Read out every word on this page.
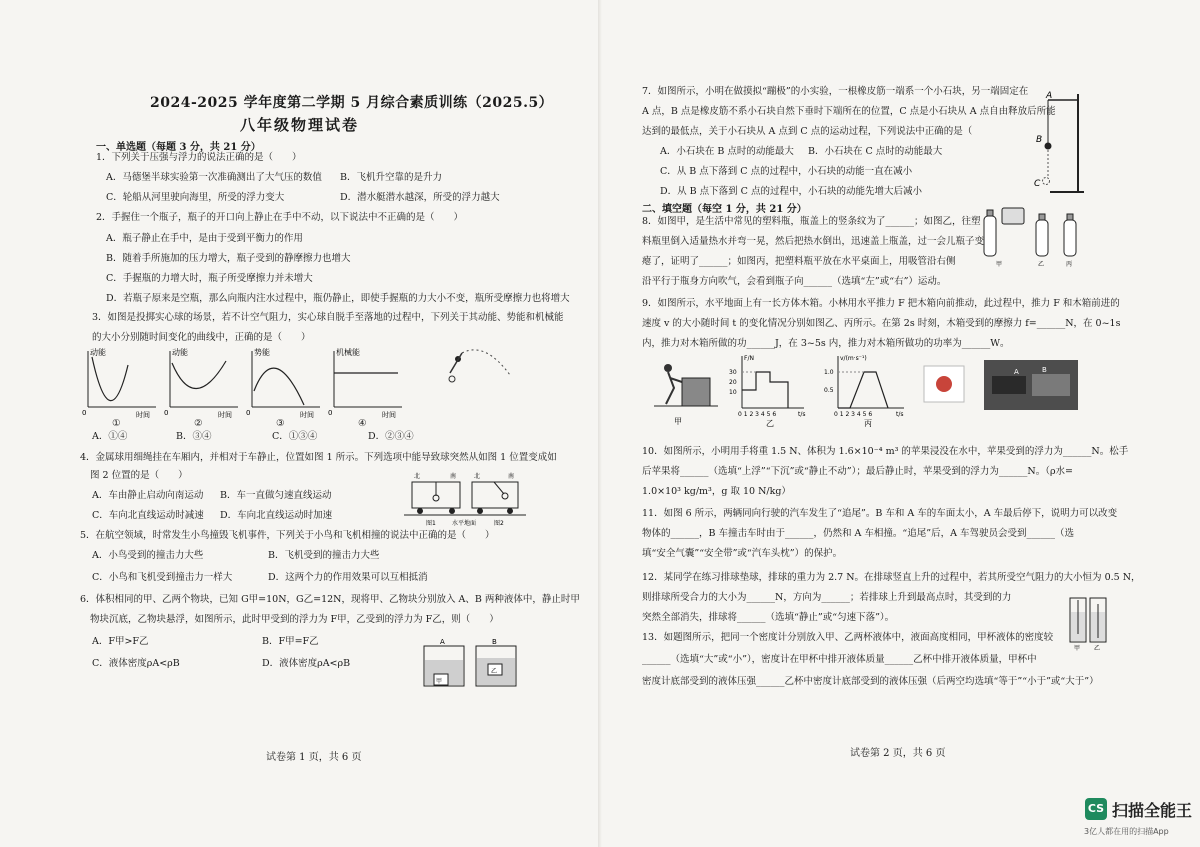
2024-2025 学年度第二学期 5 月综合素质训练（2025.5）
八年级物理试卷
一、单选题（每题 3 分，共 21 分）
1．下列关于压强与浮力的说法正确的是（　　）
A．马德堡半球实验第一次准确测出了大气压的数值 B．飞机升空靠的是升力
C．轮船从河里驶向海里，所受的浮力变大	D．潜水艇潜水越深，所受的浮力越大
2．手握住一个瓶子，瓶子的开口向上静止在手中不动，以下说法中不正确的是（　　）
A．瓶子静止在手中，是由于受到平衡力的作用
B．随着手所施加的压力增大，瓶子受到的静摩擦力也增大
C．手握瓶的力增大时，瓶子所受摩擦力并未增大
D．若瓶子原来是空瓶，那么向瓶内注水过程中，瓶仍静止，即使手握瓶的力大小不变，瓶所受摩擦力也将增大
3．如图是投掷实心球的场景，若不计空气阻力，实心球自脱手至落地的过程中，下列关于其动能、势能和机械能
的大小分别随时间变化的曲线中，正确的是（　　）
动能
0	时间
动能
0	时间
势能
0	时间
机械能
0	时间
①	②	③	④
A．①④	B．③④	C．①③④	D．②③④
4．金属球用细绳挂在车厢内，并相对于车静止，位置如图 1 所示。下列选项中能导致球突然从如图 1 位置变成如
图 2 位置的是（　　）
A．车由静止启动向南运动 B．车一直做匀速直线运动
C．车向北直线运动时减速 D．车向北直线运动时加速
北	南	北	南
图1	水平地面	图2
5．在航空领域，时常发生小鸟撞毁飞机事件，下列关于小鸟和飞机相撞的说法中正确的是（　　）
A．小鸟受到的撞击力大些	B．飞机受到的撞击力大些
C．小鸟和飞机受到撞击力一样大	D．这两个力的作用效果可以互相抵消
6．体积相同的甲、乙两个物块，已知 G甲=10N，G乙=12N，现将甲、乙物块分别放入 A、B 两种液体中，静止时甲
物块沉底，乙物块悬浮，如图所示，此时甲受到的浮力为 F甲，乙受到的浮力为 F乙，则（　　）
A．F甲>F乙	B．F甲=F乙
C．液体密度ρA<ρB	D．液体密度ρA<ρB
A	B
甲
乙
试卷第 1 页，共 6 页
7．如图所示，小明在做摸拟“蹦极”的小实验，一根橡皮筋一端系一个小石块，另一端固定在
A 点，B 点是橡皮筋不系小石块自然下垂时下端所在的位置，C 点是小石块从 A 点自由释放后所能
达到的最低点，关于小石块从 A 点到 C 点的运动过程，下列说法中正确的是（
A．小石块在 B 点时的动能最大 B．小石块在 C 点时的动能最大
C．从 B 点下落到 C 点的过程中，小石块的动能一直在减小
D．从 B 点下落到 C 点的过程中，小石块的动能先增大后减小
A
B
C
二、填空题（每空 1 分，共 21 分）
8．如图甲，是生活中常见的塑料瓶，瓶盖上的竖条纹为了______；如图乙，往塑
料瓶里倒入适量热水并弯一晃，然后把热水倒出，迅速盖上瓶盖，过一会儿瓶子变
瘪了，证明了______；如图丙，把塑料瓶平放在水平桌面上，用吸管沿右侧
沿平行于瓶身方向吹气，会看到瓶子向______（选填“左”或“右”）运动。
甲	乙	丙
9．如图所示，水平地面上有一长方体木箱。小林用水平推力 F 把木箱向前推动，此过程中，推力 F 和木箱前进的
速度 v 的大小随时间 t 的变化情况分别如图乙、丙所示。在第 2s 时刻，木箱受到的摩擦力 f=______N，在 0~1s
内，推力对木箱所做的功______J，在 3~5s 内，推力对木箱所做功的功率为______W。
甲
F/N
30
20
10
0 1 2 3 4 5 6	t/s
乙
v/(m·s⁻¹)
1.0
0.5
0 1 2 3 4 5 6	t/s
丙
A	B
10．如图所示，小明用手将重 1.5 N、体积为 1.6×10⁻⁴ m³ 的苹果浸没在水中，苹果受到的浮力为______N。松手
后苹果将______（选填“上浮”“下沉”或“静止不动”）；最后静止时，苹果受到的浮力为______N。（ρ水=
1.0×10³ kg/m³，g 取 10 N/kg）
11．如图 6 所示，两辆同向行驶的汽车发生了“追尾”。B 车和 A 车的车面太小，A 车最后停下，说明力可以改变
物体的______，B 车撞击车时由于______，仍然和 A 车相撞。“追尾”后，A 车驾驶员会受到______（选
填“安全气囊”“安全带”或“汽车头枕”）的保护。
12．某同学在练习排球垫球，排球的重力为 2.7 N。在排球竖直上升的过程中，若其所受空气阻力的大小恒为 0.5 N，
则排球所受合力的大小为______N，方向为______；若排球上升到最高点时，其受到的力
突然全部消失，排球将______（选填“静止”或“匀速下落”）。
甲 乙
13．如题图所示，把同一个密度计分别放入甲、乙两杯液体中，液面高度相同，甲杯液体的密度较
______（选填“大”或“小”），密度计在甲杯中排开液体质量______乙杯中排开液体质量，甲杯中
密度计底部受到的液体压强______乙杯中密度计底部受到的液体压强（后两空均选填“等于”“小于”或“大于”）
试卷第 2 页，共 6 页
CS 扫描全能王
3亿人都在用的扫描App
